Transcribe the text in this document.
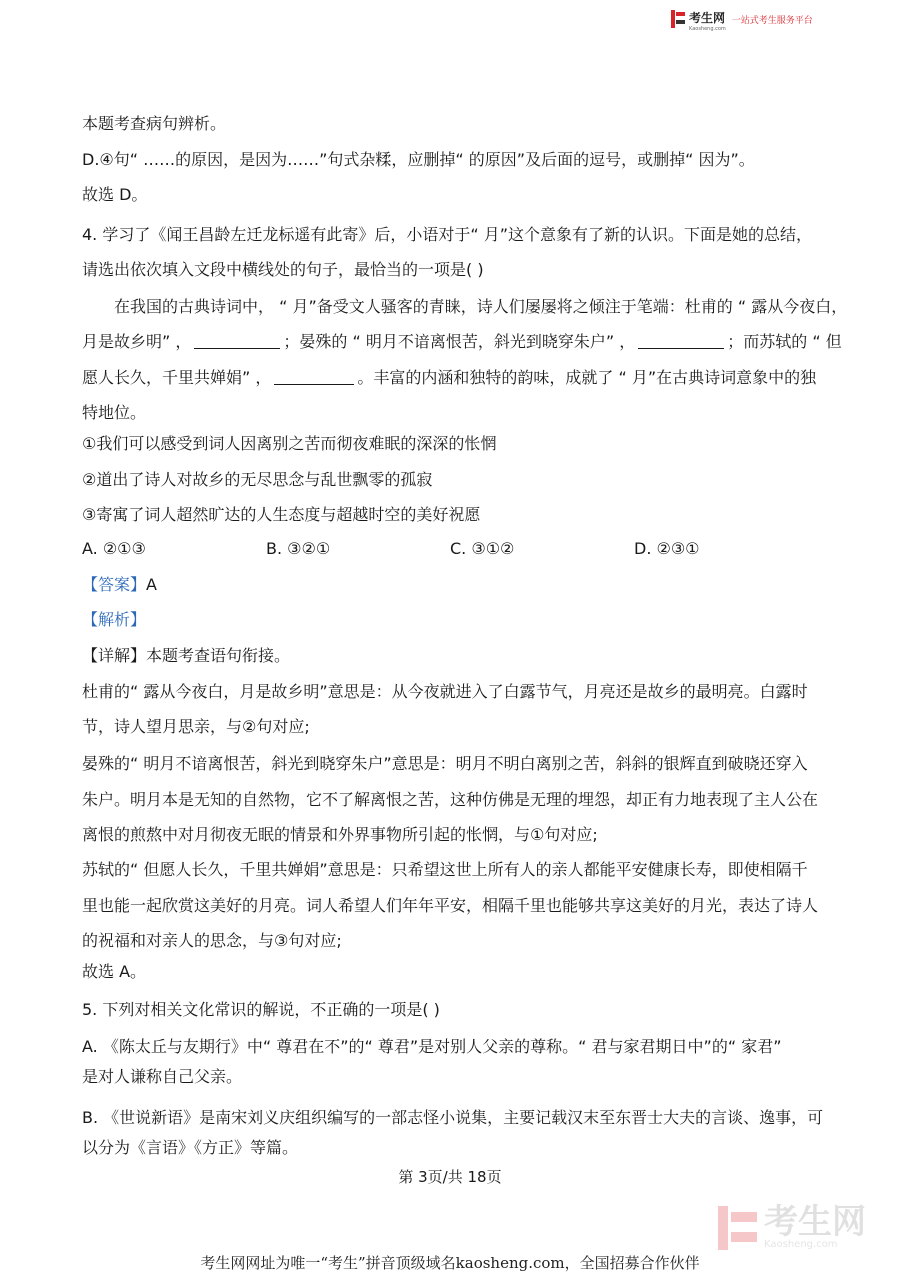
考生网
Kaosheng.com
一站式考生服务平台
本题考查病句辨析。
D.④句“ ……的原因，是因为……”句式杂糅，应删掉“ 的原因”及后面的逗号，或删掉“ 因为”。
故选 D。
4. 学习了《闻王昌龄左迁龙标遥有此寄》后，小语对于“ 月”这个意象有了新的认识。下面是她的总结，
请选出依次填入文段中横线处的句子，最恰当的一项是( )
在我国的古典诗词中， “ 月”备受文人骚客的青睐，诗人们屡屡将之倾注于笔端：杜甫的 “ 露从今夜白，
月是故乡明” ，	；晏殊的 “ 明月不谙离恨苦，斜光到晓穿朱户” ，	；而苏轼的 “ 但
愿人长久，千里共婵娟” ，	。丰富的内涵和独特的韵味，成就了 “ 月”在古典诗词意象中的独
特地位。
①我们可以感受到词人因离别之苦而彻夜难眠的深深的怅惘
②道出了诗人对故乡的无尽思念与乱世飘零的孤寂
③寄寓了词人超然旷达的人生态度与超越时空的美好祝愿
A. ②①③	B. ③②①	C. ③①②	D. ②③①
【答案】A
【解析】
【详解】本题考查语句衔接。
杜甫的“ 露从今夜白，月是故乡明”意思是：从今夜就进入了白露节气，月亮还是故乡的最明亮。白露时
节，诗人望月思亲，与②句对应;
晏殊的“ 明月不谙离恨苦，斜光到晓穿朱户”意思是：明月不明白离别之苦，斜斜的银辉直到破晓还穿入
朱户。明月本是无知的自然物，它不了解离恨之苦，这种仿佛是无理的埋怨，却正有力地表现了主人公在
离恨的煎熬中对月彻夜无眠的情景和外界事物所引起的怅惘，与①句对应;
苏轼的“ 但愿人长久，千里共婵娟”意思是：只希望这世上所有人的亲人都能平安健康长寿，即使相隔千
里也能一起欣赏这美好的月亮。词人希望人们年年平安，相隔千里也能够共享这美好的月光，表达了诗人
的祝福和对亲人的思念，与③句对应;
故选 A。
5. 下列对相关文化常识的解说，不正确的一项是( )
A. 《陈太丘与友期行》中“ 尊君在不”的“ 尊君”是对别人父亲的尊称。“ 君与家君期日中”的“ 家君”
是对人谦称自己父亲。
B. 《世说新语》是南宋刘义庆组织编写的一部志怪小说集，主要记载汉末至东晋士大夫的言谈、逸事，可
以分为《言语》《方正》等篇。
第 3页/共 18页
考生网
Kaosheng.com
考生网网址为唯一“考生”拼音顶级域名kaosheng.com，全国招募合作伙伴
